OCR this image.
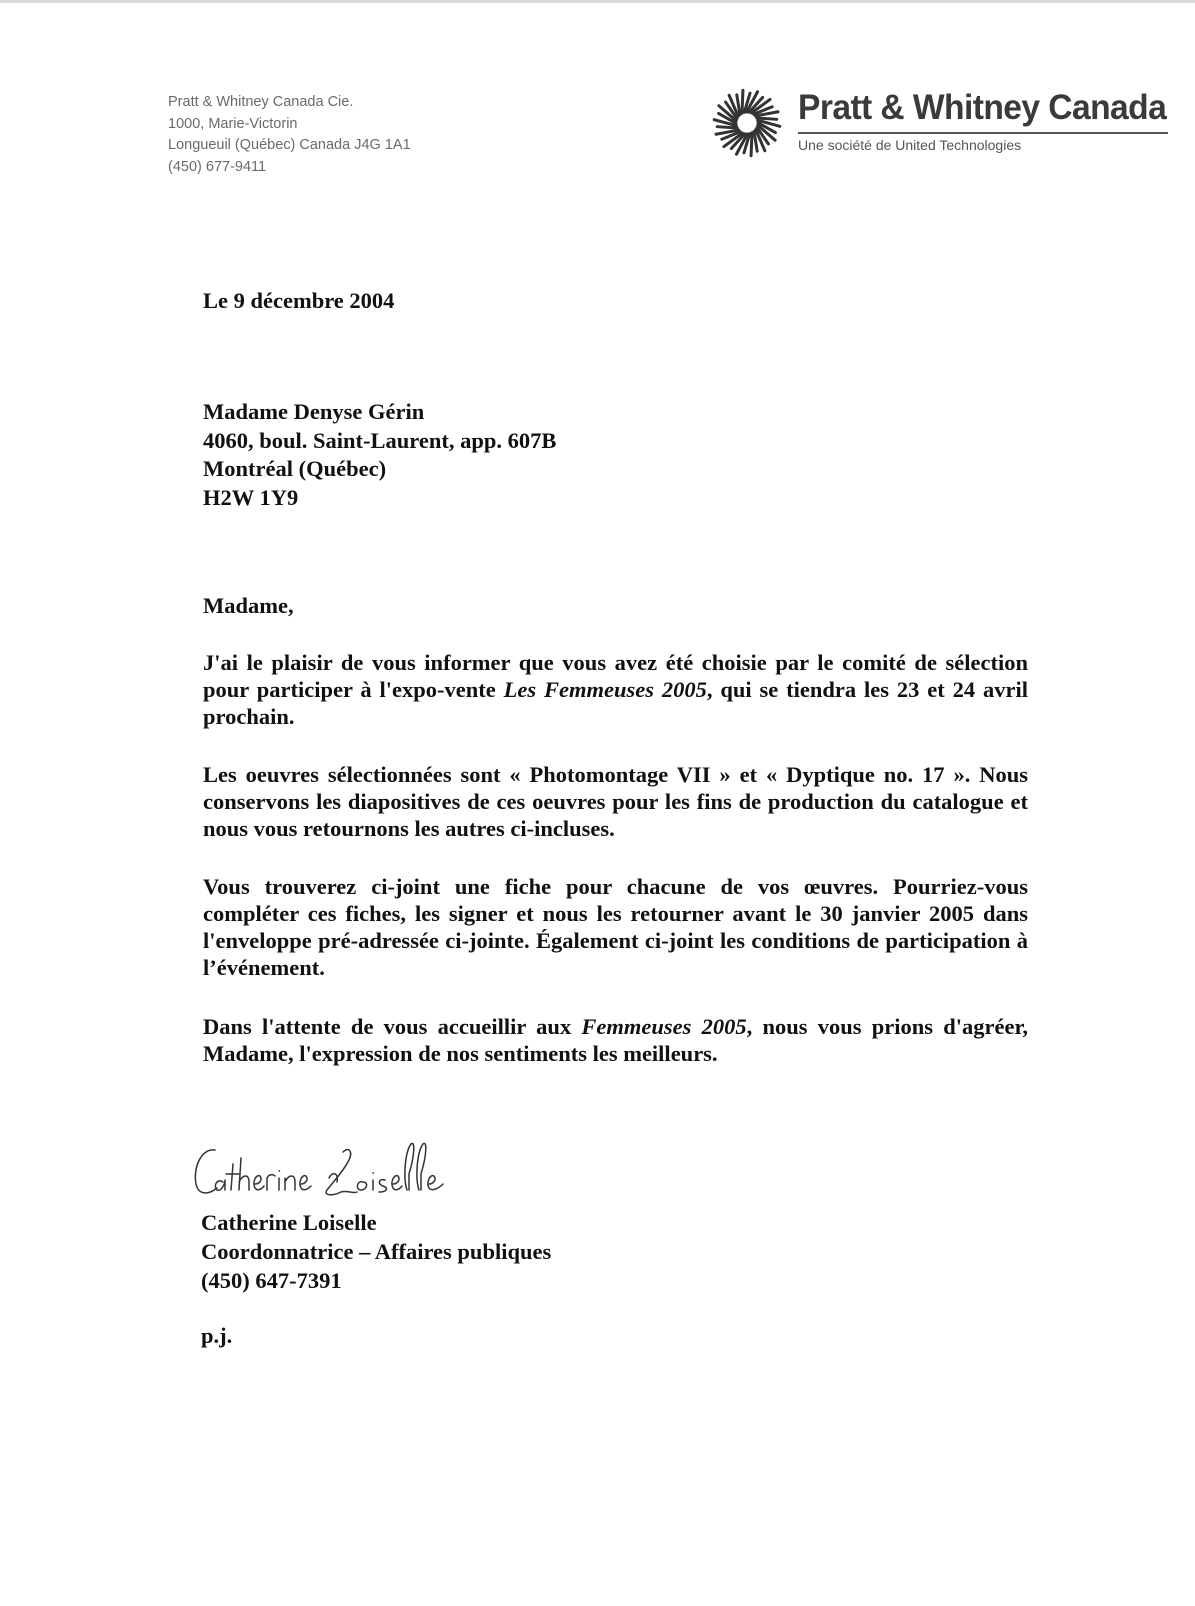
Pratt & Whitney Canada Cie.
1000, Marie-Victorin
Longueuil (Québec) Canada J4G 1A1
(450) 677-9411
Pratt & Whitney Canada
Une société de United Technologies
Le 9 décembre 2004
Madame Denyse Gérin
4060, boul. Saint-Laurent, app. 607B
Montréal (Québec)
H2W 1Y9
Madame,

J'ai le plaisir de vous informer que vous avez été choisie par le comité de sélection pour participer à l'expo-vente Les Femmeuses 2005, qui se tiendra les 23 et 24 avril prochain.

Les oeuvres sélectionnées sont « Photomontage VII » et « Dyptique no. 17 ». Nous conservons les diapositives de ces oeuvres pour les fins de production du catalogue et nous vous retournons les autres ci-incluses.

Vous trouverez ci-joint une fiche pour chacune de vos œuvres. Pourriez-vous compléter ces fiches, les signer et nous les retourner avant le 30 janvier 2005 dans l'enveloppe pré-adressée ci-jointe. Également ci-joint les conditions de participation à l’événement.

Dans l'attente de vous accueillir aux Femmeuses 2005, nous vous prions d'agréer, Madame, l'expression de nos sentiments les meilleurs.

Catherine Loiselle
Coordonnatrice – Affaires publiques
(450) 647-7391
p.j.
